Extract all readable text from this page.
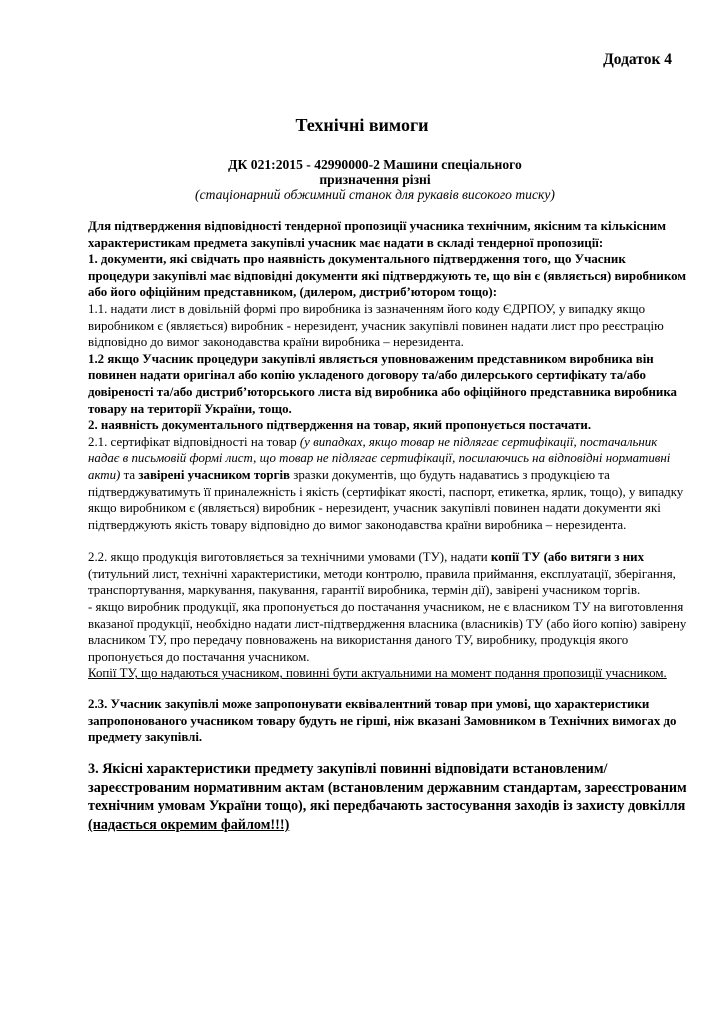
Додаток 4
Технічні вимоги
ДК 021:2015 - 42990000-2 Машини спеціального
призначення різні
(стаціонарний обжимний станок для рукавів високого тиску)

Для підтвердження відповідності тендерної пропозиції учасника технічним, якісним та кількісним характеристикам предмета закупівлі учасник має надати в складі тендерної пропозиції:

1. документи, які свідчать про наявність документального підтвердження того, що Учасник процедури закупівлі має відповідні документи які підтверджують те, що він є (являється) виробником або його офіційним представником, (дилером, дистриб’ютором тощо):

1.1. надати лист в довільній формі про виробника із зазначенням його коду ЄДРПОУ, у випадку якщо виробником є (являється) виробник - нерезидент, учасник закупівлі повинен надати лист про реєстрацію відповідно до вимог законодавства країни виробника – нерезидента.

1.2 якщо Учасник процедури закупівлі являється уповноваженим представником виробника він повинен надати оригінал або копію укладеного договору та/або дилерського сертифікату та/або довіреності та/або дистриб’юторського листа від виробника або офіційного представника виробника товару на території України, тощо.

2. наявність документального підтвердження на товар, який пропонується постачати.

2.1. сертифікат відповідності на товар (у випадках, якщо товар не підлягає сертифікації, постачальник надає в письмовій формі лист, що товар не підлягає сертифікації, посилаючись на відповідні нормативні акти) та завірені учасником торгів зразки документів, що будуть надаватись з продукцією та підтверджуватимуть її приналежність і якість (сертифікат якості, паспорт, етикетка, ярлик, тощо), у випадку якщо виробником є (являється) виробник - нерезидент, учасник закупівлі повинен надати документи які підтверджують якість товару відповідно до вимог законодавства країни виробника – нерезидента.

2.2. якщо продукція виготовляється за технічними умовами (ТУ), надати копії ТУ (або витяги з них (титульний лист, технічні характеристики, методи контролю, правила приймання, експлуатації, зберігання, транспортування, маркування, пакування, гарантії виробника, термін дії), завірені учасником торгів.

- якщо виробник продукції, яка пропонується до постачання учасником, не є власником ТУ на виготовлення вказаної продукції, необхідно надати лист-підтвердження власника (власників) ТУ (або його копію) завірену власником ТУ, про передачу повноважень на використання даного ТУ, виробнику, продукція якого пропонується до постачання учасником.

Копії ТУ, що надаються учасником, повинні бути актуальними на момент подання пропозиції учасником.

2.3. Учасник закупівлі може запропонувати еквівалентний товар при умові, що характеристики запропонованого учасником товару будуть не гірші, ніж вказані Замовником в Технічних вимогах до предмету закупівлі.

3. Якісні характеристики предмету закупівлі повинні відповідати встановленим/зареєстрованим нормативним актам (встановленим державним стандартам, зареєстрованим технічним умовам України тощо), які передбачають застосування заходів із захисту довкілля (надається окремим файлом!!!)
